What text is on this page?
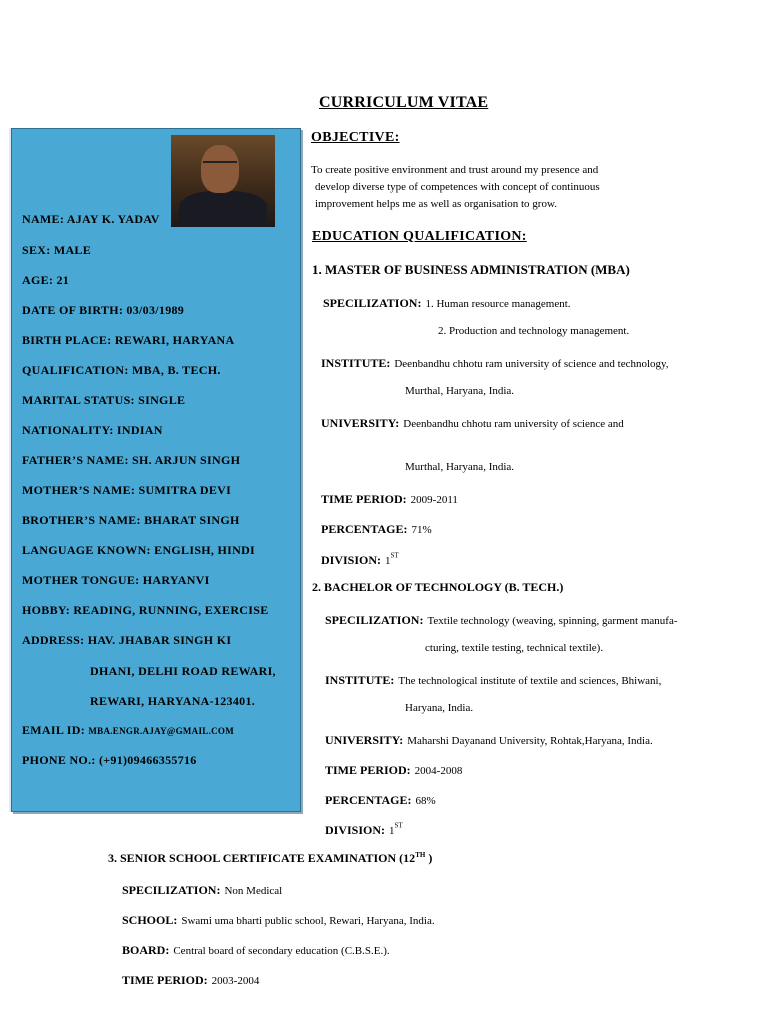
CURRICULUM VITAE
NAME: AJAY K. YADAV
SEX: MALE
AGE: 21
DATE OF BIRTH: 03/03/1989
BIRTH PLACE: REWARI, HARYANA
QUALIFICATION: MBA, B. TECH.
MARITAL STATUS: SINGLE
NATIONALITY: INDIAN
FATHER’S NAME: SH. ARJUN SINGH
MOTHER’S NAME: SUMITRA DEVI
BROTHER’S NAME: BHARAT SINGH
LANGUAGE KNOWN: ENGLISH, HINDI
MOTHER TONGUE: HARYANVI
HOBBY: READING, RUNNING, EXERCISE
ADDRESS: HAV. JHABAR SINGH KI
DHANI, DELHI ROAD REWARI,
REWARI, HARYANA-123401.
EMAIL ID: MBA.ENGR.AJAY@GMAIL.COM
PHONE NO.: (+91)09466355716
OBJECTIVE:
To create positive environment and trust around my presence and
develop diverse type of competences with concept of continuous
improvement helps me as well as organisation to grow.
EDUCATION QUALIFICATION:
1. MASTER OF BUSINESS ADMINISTRATION (MBA)
SPECILIZATION: 1. Human resource management.
2. Production and technology management.
INSTITUTE: Deenbandhu chhotu ram university of science and technology,
Murthal, Haryana, India.
UNIVERSITY: Deenbandhu chhotu ram university of science and
Murthal, Haryana, India.
TIME PERIOD: 2009-2011
PERCENTAGE: 71%
DIVISION: 1ST
2. BACHELOR OF TECHNOLOGY (B. TECH.)
SPECILIZATION: Textile technology (weaving, spinning, garment manufa-
cturing, textile testing, technical textile).
INSTITUTE: The technological institute of textile and sciences, Bhiwani,
Haryana, India.
UNIVERSITY: Maharshi Dayanand University, Rohtak,Haryana, India.
TIME PERIOD: 2004-2008
PERCENTAGE: 68%
DIVISION: 1ST
3. SENIOR SCHOOL CERTIFICATE EXAMINATION (12TH )
SPECILIZATION: Non Medical
SCHOOL: Swami uma bharti public school, Rewari, Haryana, India.
BOARD: Central board of secondary education (C.B.S.E.).
TIME PERIOD: 2003-2004
